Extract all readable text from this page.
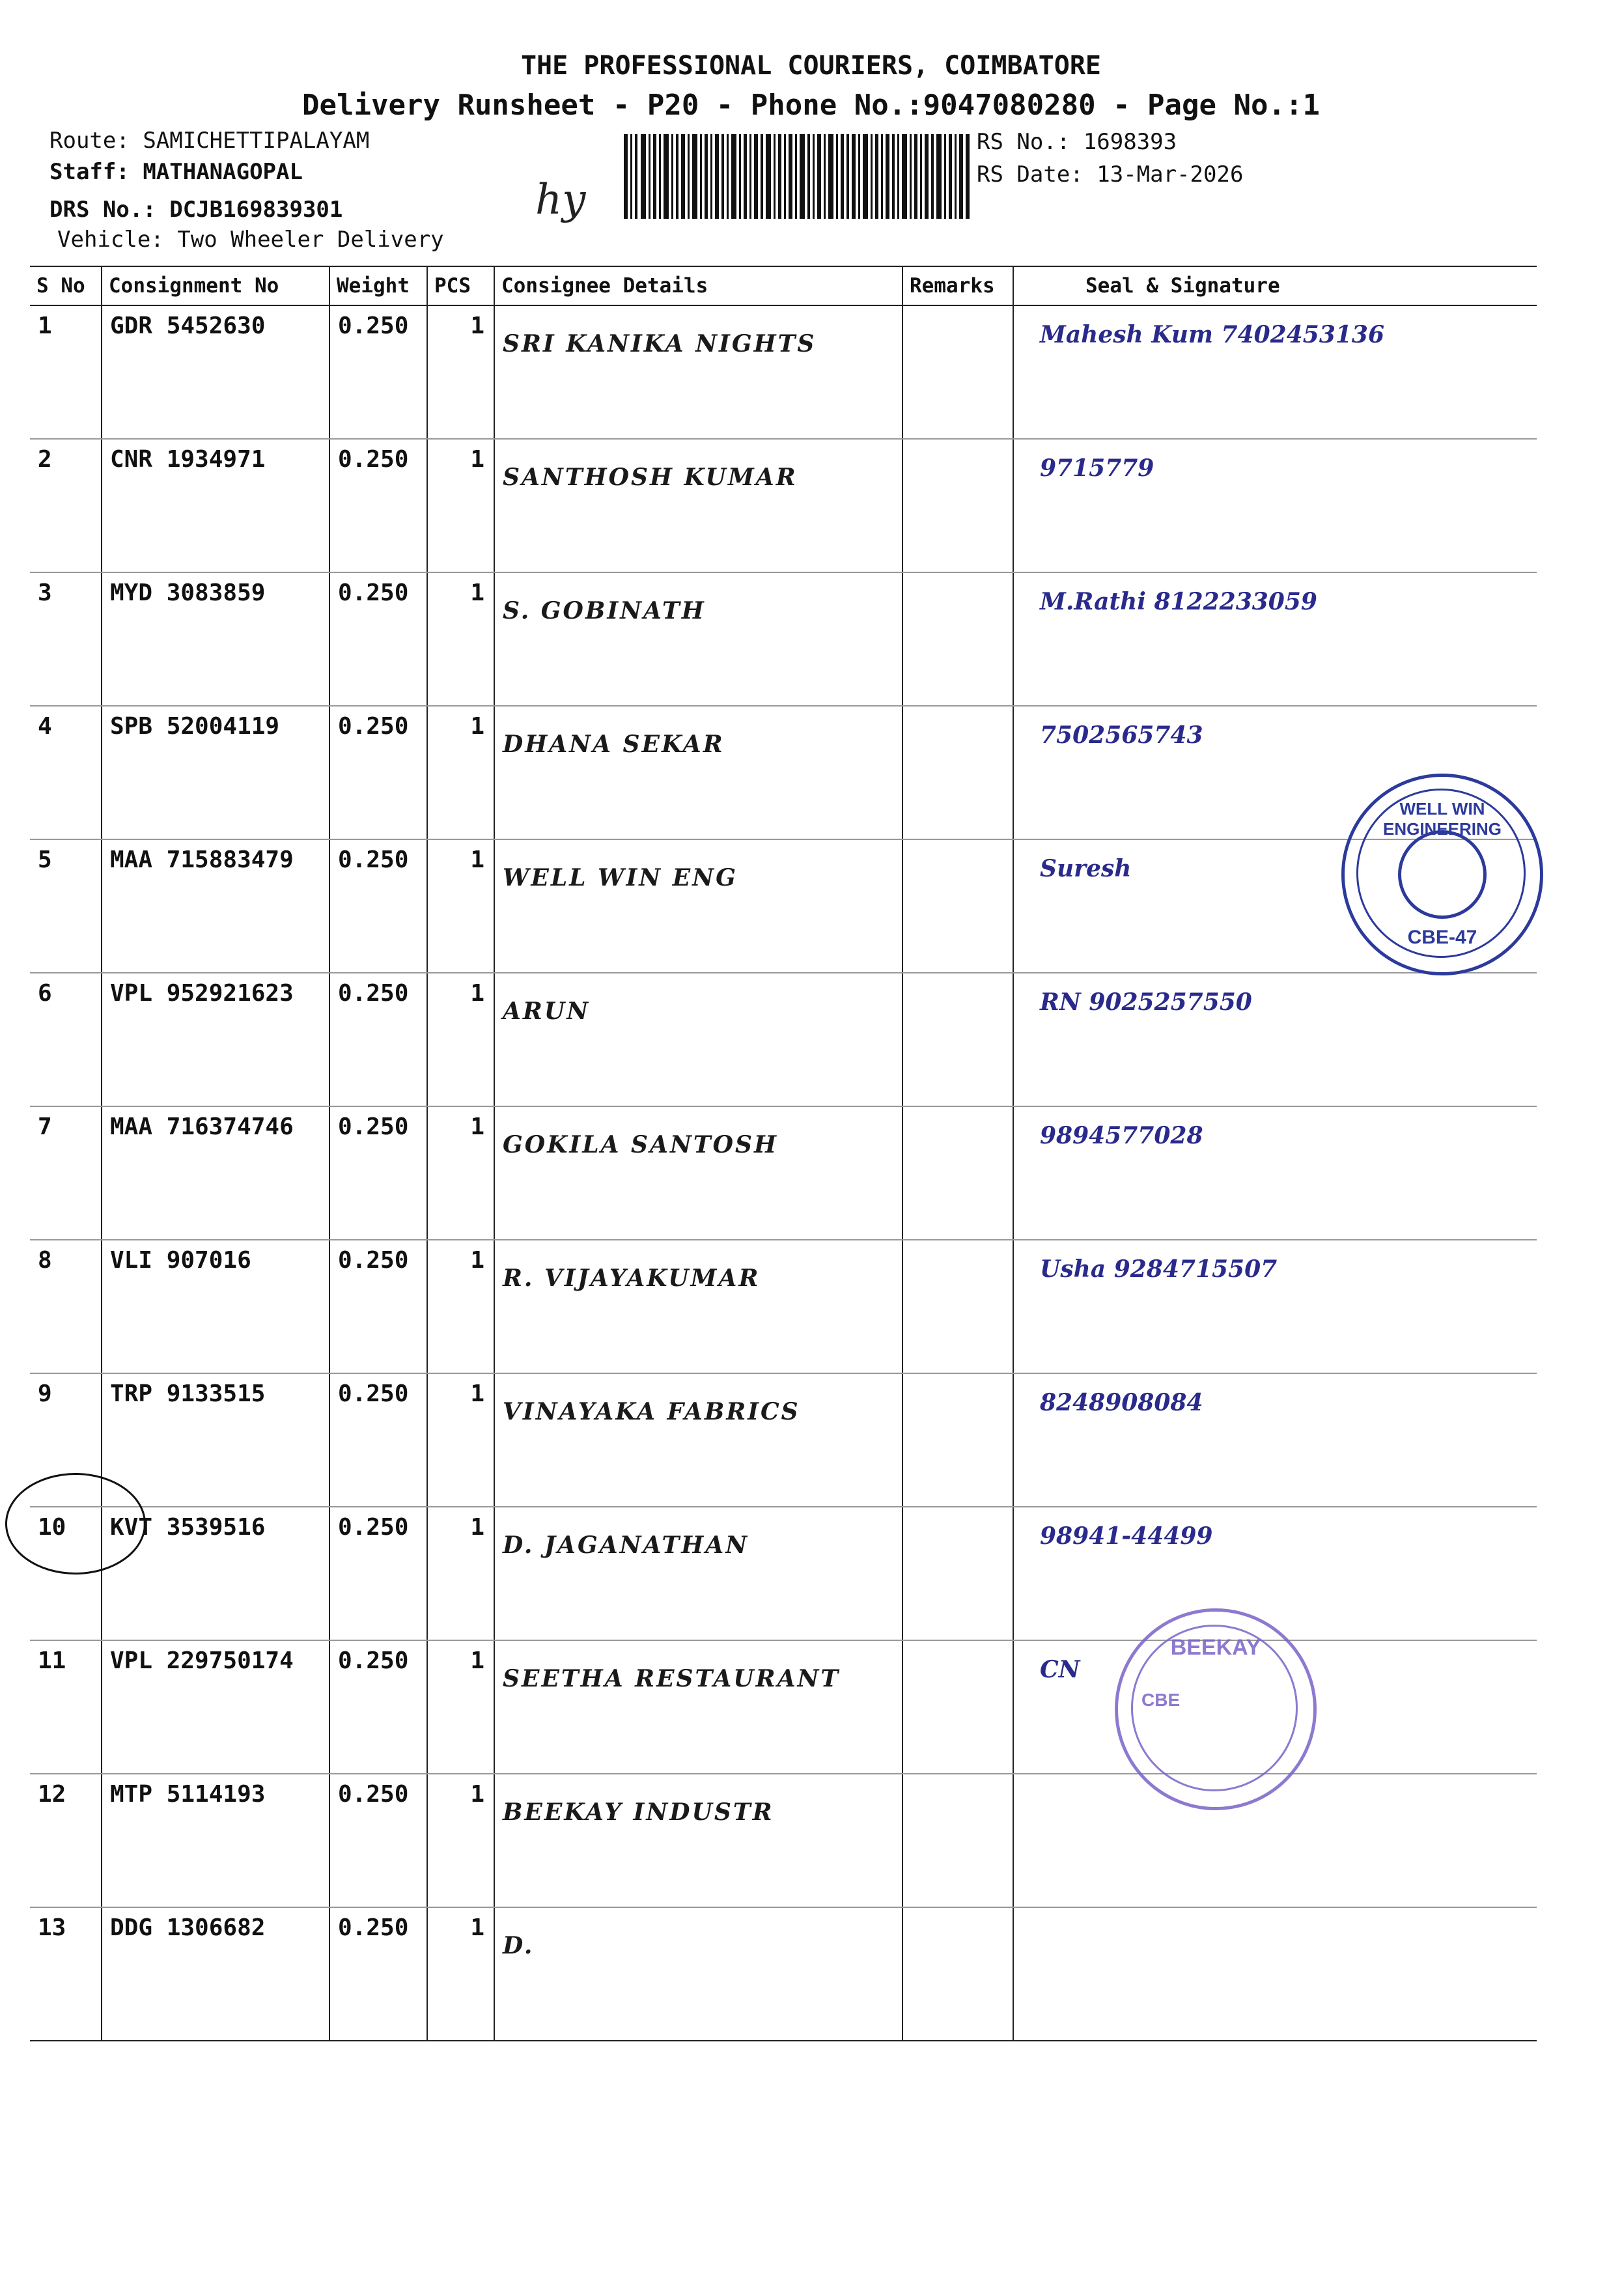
THE PROFESSIONAL COURIERS, COIMBATORE
Delivery Runsheet - P20 - Phone No.:9047080280 - Page No.:1
Route: SAMICHETTIPALAYAM
Staff: MATHANAGOPAL
DRS No.: DCJB169839301
Vehicle: Two Wheeler Delivery
hy
RS No.: 1698393
RS Date: 13-Mar-2026
S No	Consignment No	Weight	PCS	Consignee Details	Remarks	Seal & Signature
1	GDR 5452630	0.250	1	SRI KANIKA NIGHTS		Mahesh Kum 7402453136
2	CNR 1934971	0.250	1	SANTHOSH KUMAR		9715779
3	MYD 3083859	0.250	1	S. GOBINATH		M.Rathi 8122233059
4	SPB 52004119	0.250	1	DHANA SEKAR		7502565743
5	MAA 715883479	0.250	1	WELL WIN ENG		Suresh
6	VPL 952921623	0.250	1	ARUN		RN 9025257550
7	MAA 716374746	0.250	1	GOKILA SANTOSH		9894577028
8	VLI 907016	0.250	1	R. VIJAYAKUMAR		Usha 9284715507
9	TRP 9133515	0.250	1	VINAYAKA FABRICS		8248908084
10	KVT 3539516	0.250	1	D. JAGANATHAN		98941-44499
11	VPL 229750174	0.250	1	SEETHA RESTAURANT		CN
12	MTP 5114193	0.250	1	BEEKAY INDUSTR		
13	DDG 1306682	0.250	1	D.		
WELL WIN ENGINEERING
CBE-47
BEEKAY
CBE
